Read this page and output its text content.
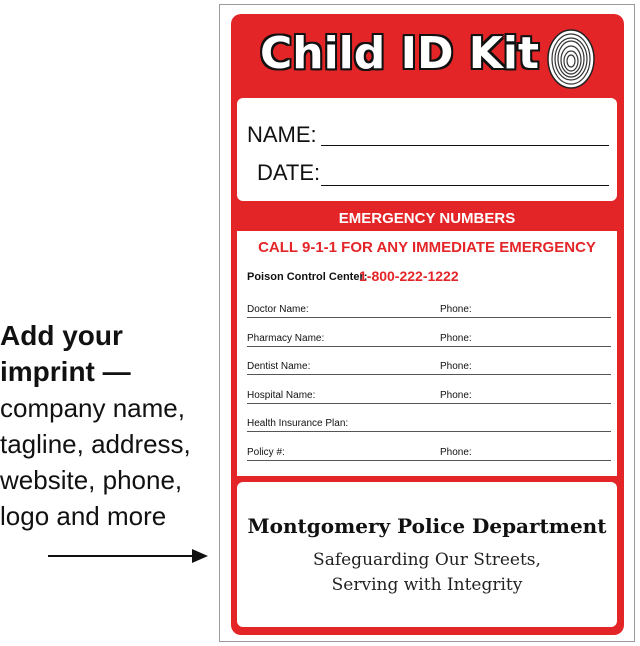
Add your
imprint —
company name,
tagline, address,
website, phone,
logo and more
Child ID Kit
NAME:
DATE:
EMERGENCY NUMBERS
CALL 9-1-1 FOR ANY IMMEDIATE EMERGENCY
Poison Control Center:
1-800-222-1222
Doctor Name:	Phone:
Pharmacy Name:	Phone:
Dentist Name:	Phone:
Hospital Name:	Phone:
Health Insurance Plan:
Policy #:	Phone:
Montgomery Police Department
Safeguarding Our Streets,
Serving with Integrity
